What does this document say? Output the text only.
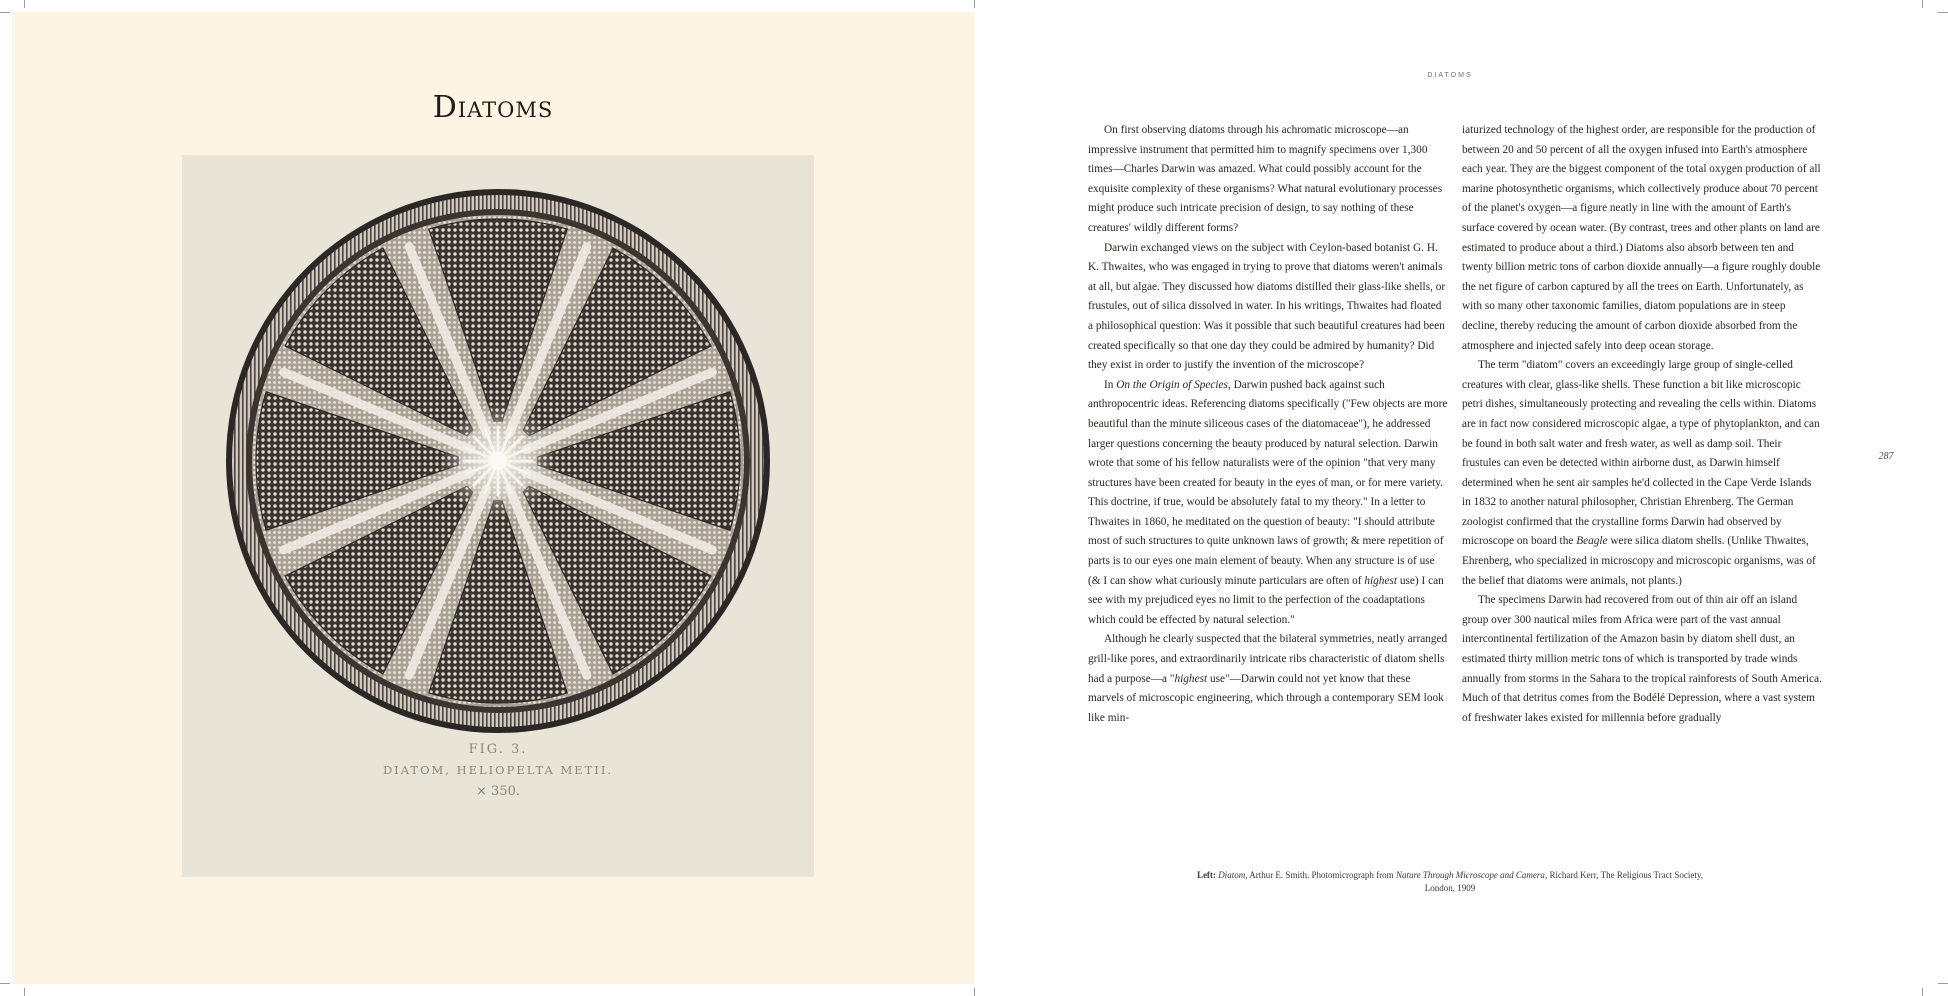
Diatoms
FIG. 3.
DIATOM, HELIOPELTA METII.
× 350.
DIATOMS

On first observing diatoms through his achromatic microscope—an impressive instrument that permitted him to magnify specimens over 1,300 times—Charles Darwin was amazed. What could possibly account for the exquisite complexity of these organisms? What natural evolutionary processes might produce such intricate precision of design, to say nothing of these creatures' wildly different forms?

Darwin exchanged views on the subject with Ceylon-based botanist G. H. K. Thwaites, who was engaged in trying to prove that diatoms weren't animals at all, but algae. They discussed how diatoms distilled their glass-like shells, or frustules, out of silica dissolved in water. In his writings, Thwaites had floated a philosophical question: Was it possible that such beautiful creatures had been created specifically so that one day they could be admired by humanity? Did they exist in order to justify the invention of the microscope?

In On the Origin of Species, Darwin pushed back against such anthropocentric ideas. Referencing diatoms specifically ("Few objects are more beautiful than the minute siliceous cases of the diatomaceae"), he addressed larger questions concerning the beauty produced by natural selection. Darwin wrote that some of his fellow naturalists were of the opinion "that very many structures have been created for beauty in the eyes of man, or for mere variety. This doctrine, if true, would be absolutely fatal to my theory." In a letter to Thwaites in 1860, he meditated on the question of beauty: "I should attribute most of such structures to quite unknown laws of growth; & mere repetition of parts is to our eyes one main element of beauty. When any structure is of use (& I can show what curiously minute particulars are often of highest use) I can see with my prejudiced eyes no limit to the perfection of the coadaptations which could be effected by natural selection."

Although he clearly suspected that the bilateral symmetries, neatly arranged grill-like pores, and extraordinarily intricate ribs characteristic of diatom shells had a purpose—a "highest use"—Darwin could not yet know that these marvels of microscopic engineering, which through a contemporary SEM look like min-

iaturized technology of the highest order, are responsible for the production of between 20 and 50 percent of all the oxygen infused into Earth's atmosphere each year. They are the biggest component of the total oxygen production of all marine photosynthetic organisms, which collectively produce about 70 percent of the planet's oxygen—a figure neatly in line with the amount of Earth's surface covered by ocean water. (By contrast, trees and other plants on land are estimated to produce about a third.) Diatoms also absorb between ten and twenty billion metric tons of carbon dioxide annually—a figure roughly double the net figure of carbon captured by all the trees on Earth. Unfortunately, as with so many other taxonomic families, diatom populations are in steep decline, thereby reducing the amount of carbon dioxide absorbed from the atmosphere and injected safely into deep ocean storage.

The term "diatom" covers an exceedingly large group of single-celled creatures with clear, glass-like shells. These function a bit like microscopic petri dishes, simultaneously protecting and revealing the cells within. Diatoms are in fact now considered microscopic algae, a type of phytoplankton, and can be found in both salt water and fresh water, as well as damp soil. Their frustules can even be detected within airborne dust, as Darwin himself determined when he sent air samples he'd collected in the Cape Verde Islands in 1832 to another natural philosopher, Christian Ehrenberg. The German zoologist confirmed that the crystalline forms Darwin had observed by microscope on board the Beagle were silica diatom shells. (Unlike Thwaites, Ehrenberg, who specialized in microscopy and microscopic organisms, was of the belief that diatoms were animals, not plants.)

The specimens Darwin had recovered from out of thin air off an island group over 300 nautical miles from Africa were part of the vast annual intercontinental fertilization of the Amazon basin by diatom shell dust, an estimated thirty million metric tons of which is transported by trade winds annually from storms in the Sahara to the tropical rainforests of South America. Much of that detritus comes from the Bodélé Depression, where a vast system of freshwater lakes existed for millennia before gradually

287
Left: Diatom, Arthur E. Smith. Photomicrograph from Nature Through Microscope and Camera, Richard Kerr, The Religious Tract Society, London, 1909
